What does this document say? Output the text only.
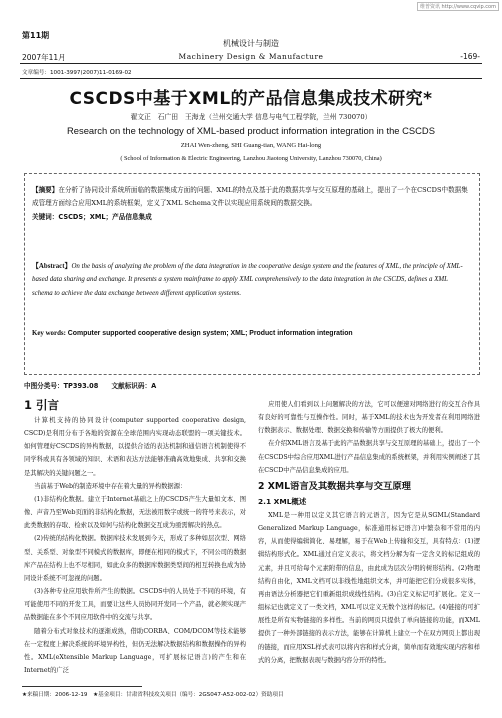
维普资讯 http://www.cqvip.com
第11期
机械设计与制造
2007年11月	Machinery Design & Manufacture	-169-
文章编号：1001-3997(2007)11-0169-02
CSCDS中基于XML的产品信息集成技术研究*
翟文正　石广田　王海龙（兰州交通大学 信息与电气工程学院，兰州 730070）
Research on the technology of XML-based product information integration in the CSCDS
ZHAI Wen-zheng, SHI Guang-tian, WANG Hai-long
( School of Information & Electric Engineering, Lanzhou Jiaotong University, Lanzhou 730070, China)
【摘要】在分析了协同设计系统所面临的数据集成方面的问题、XML的特点及基于此的数据共享与交互原理的基础上，提出了一个在CSCDS中数据集成管理方面综合应用XML的系统框架，定义了XML Schema文件以实现应用系统间的数据交换。
关键词：CSCDS；XML；产品信息集成
【Abstract】On the basis of analyzing the problem of the data integration in the cooperative design system and the features of XML, the principle of XML-based data sharing and exchange. It presents a system mainframe to apply XML comprehensively to the data integration in the CSCDS, defines a XML schema to achieve the data exchange between different application systems.
Key words: Computer supported cooperative design system; XML; Product information integration
中图分类号：TP393.08　　文献标识码：A
1 引言

计算机支持的协同设计(computer supported cooperative design, CSCD)是利用分布于各地的资源在全球范围内实现动态联盟的一项关键技术。如何管理好CSCDS的异构数据，以提供合适的表达机制和通信语言机制使得不同学科或具有各领域的知识、术语和表达方法能够准确高效地集成、共享和交换是其解决的关键问题之一。

当前基于Web的制造环境中存在着大量的异构数据源：

(1)非结构化数据。建立于Internet基础之上的CSCDS产生大量如文本、图像、声音乃至Web页面的非结构化数据，无法被用数字或统一的符号来表示，对此类数据的存取、检索以及如何与结构化数据交互成为亟需解决的热点。

(2)传统的结构化数据。数据库技术发展到今天，形成了多种如层次型、网络型、关系型、对象型不同模式的数据库，即便在相同的模式下，不同公司的数据库产品在结构上也不尽相同，如此众多的数据库数据类型间的相互转换也成为协同设计系统不可忽视的问题。

(3)各种专业应用软件所产生的数据。CSCDS中的人员处于不同的环境，有可能使用不同的开发工具，而要让这些人员协同开发同一个产品，就必须实现产品数据能在多个不同应用软件中的交流与共享。

随着分布式对象技术的逐渐成熟，借助CORBA、COM/DCOM等技术能够在一定程度上解决系统的环境异构性，但仍无法解决数据结构和数据操作的异构性。XML(eXtensible Markup Language，可扩展标记语言)的产生和在Internet的广泛

应用使人们看到以上问题解决的方法，它可以便速对网络进行的交互合作具有良好的可靠性与互操作性。同时，基于XML的技术也为开发者在利用网络进行数据表示、数据处理、数据交换和传输等方面提供了极大的便利。

在介绍XML语言及基于此的产品数据共享与交互原理的基础上，提出了一个在CSCDS中综合应用XML进行产品信息集成的系统框架，并利用实例阐述了其在CSCD中产品信息集成的应用。

2 XML语言及其数据共享与交互原理
2.1 XML概述

XML是一种用以定义其它语言的元语言，因为它是从SGML(Standard Generalized Markup Language，标准通用标记语言)中繁杂和不常用的内容，从而使得编辑简化、易理解，易于在Web上传输和交互，具有特点：(1)逻辑结构形式化。XML通过自定义表示，将文档分解为有一定含义的标记组成的元素，并且可给每个元素附带的信息，由此成为层次分明的树形结构。(2)物理结构自由化，XML文档可以非线性地组织文本，并可能把它们分成很多实体，再由语法分析器把它们重新组织成线性结构。(3)自定义标记可扩展化。定义一组标记也就定义了一类文档，XML可以定义无数个这样的标记。(4)链接的可扩展性是所有实物链接的多样性。当前的网页只提供了单向链接的功能，而XML提供了一种外部链接的表示方法，能够在计算机上建立一个在双方网页上都出现的链接，而应用XSL样式表可以将内容和样式分离，简单而有效地实现内容和样式的分离，把数据表现与数据内容分开的特性。

★来稿日期：2006-12-19　★基金项目：甘肃省科技攻关项目（编号：2GS047-A52-002-02）资助项目
